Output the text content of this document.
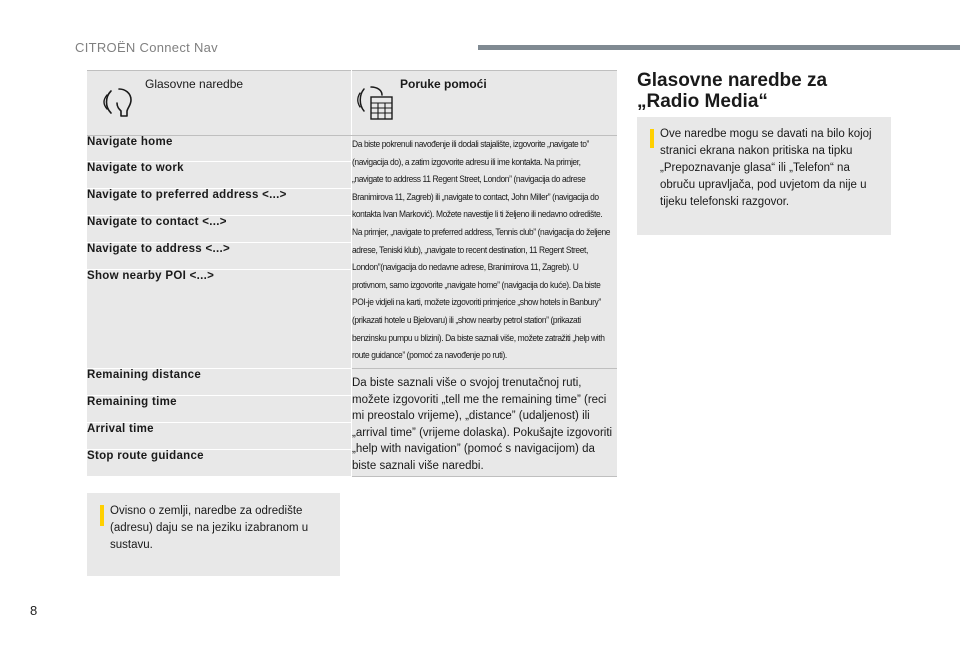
CITROËN Connect Nav
Glasovne naredbe	Poruke pomoći

Navigate home	Da biste pokrenuli navođenje ili dodali stajalište, izgovorite „navigate to” (navigacija do), a zatim izgovorite adresu ili ime kontakta. Na primjer, „navigate to address 11 Regent Street, London” (navigacija do adrese Branimirova 11, Zagreb) ili „navigate to contact, John Miller” (navigacija do kontakta Ivan Marković). Možete navestije li ti željeno ili nedavno odredište. Na primjer, „navigate to preferred address, Tennis club” (navigacija do željene adrese, Teniski klub), „navigate to recent destination, 11 Regent Street, London”(navigacija do nedavne adrese, Branimirova 11, Zagreb). U protivnom, samo izgovorite „navigate home” (navigacija do kuće). Da biste POI-je vidjeli na karti, možete izgovoriti primjerice „show hotels in Banbury” (prikazati hotele u Bjelovaru) ili „show nearby petrol station” (prikazati benzinsku pumpu u blizini). Da biste saznali više, možete zatražiti „help with route guidance” (pomoć za navođenje po ruti).

Navigate to work	
Navigate to preferred address <...>	
Navigate to contact <...>	
Navigate to address <...>	
Show nearby POI <...>	
Remaining distance	Da biste saznali više o svojoj trenutačnoj ruti, možete izgovoriti „tell me the remaining time” (reci mi preostalo vrijeme), „distance” (udaljenost) ili „arrival time” (vrijeme dolaska). Pokušajte izgovoriti „help with navigation” (pomoć s navigacijom) da biste saznali više naredbi.

Remaining time	
Arrival time	
Stop route guidance	
Ovisno o zemlji, naredbe za odredište (adresu) daju se na jeziku izabranom u sustavu.
Glasovne naredbe za
„Radio Media“
Ove naredbe mogu se davati na bilo kojoj stranici ekrana nakon pritiska na tipku „Prepoznavanje glasa“ ili „Telefon“ na obruču upravljača, pod uvjetom da nije u tijeku telefonski razgovor.
8
